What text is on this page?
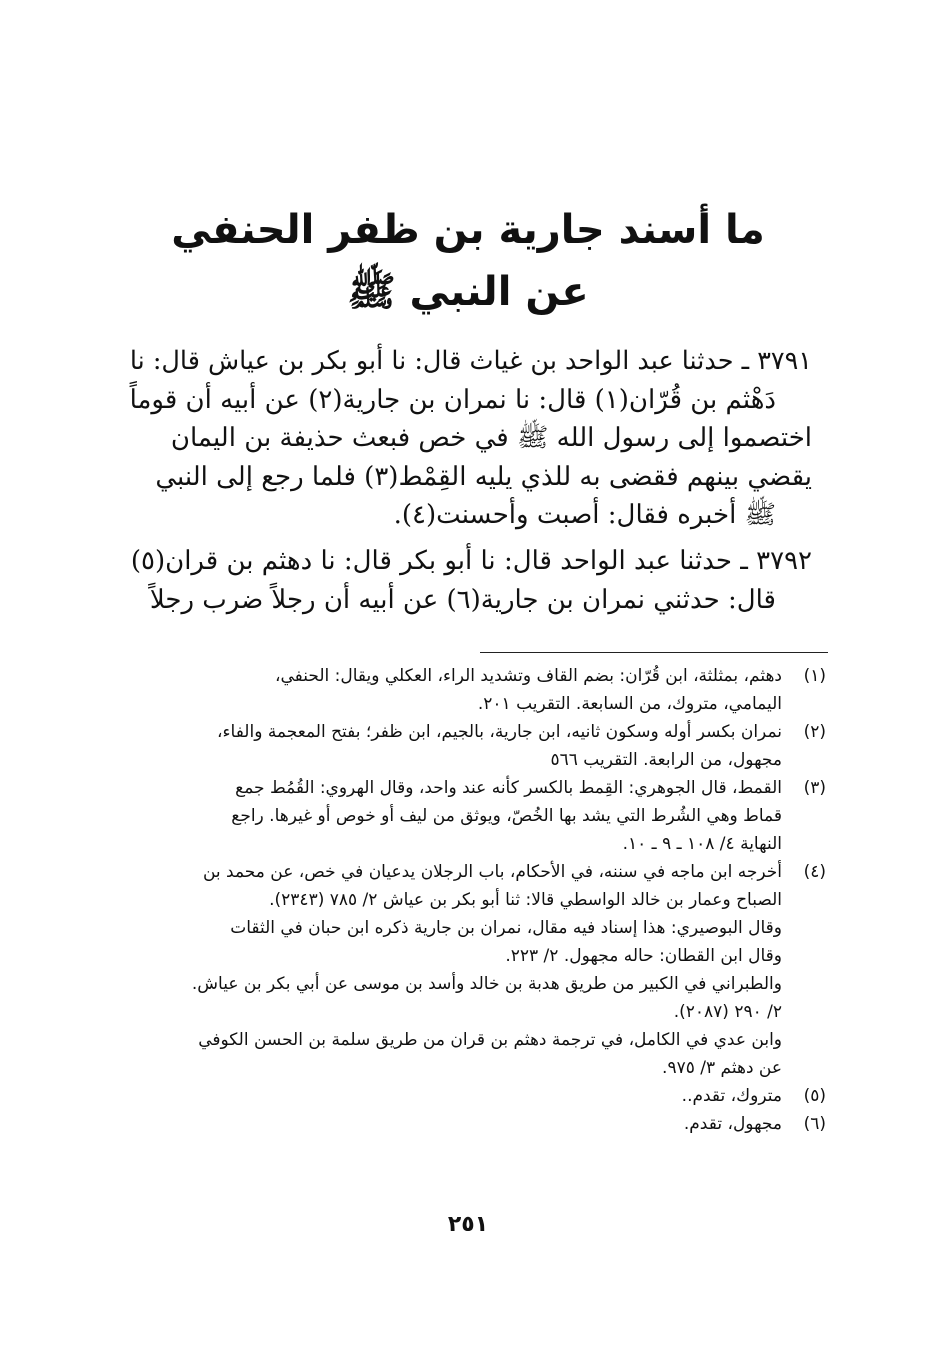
ما أسند جارية بن ظفر الحنفي
عن النبي ﷺ
٣٧٩١ ـ حدثنا عبد الواحد بن غياث قال: نا أبو بكر بن عياش قال: نا
دَهْثم بن قُرّان(١) قال: نا نمران بن جارية(٢) عن أبيه أن قوماً
اختصموا إلى رسول الله ﷺ في خص فبعث حذيفة بن اليمان
يقضي بينهم فقضى به للذي يليه القِمْط(٣) فلما رجع إلى النبي
ﷺ أخبره فقال: أصبت وأحسنت(٤).
٣٧٩٢ ـ حدثنا عبد الواحد قال: نا أبو بكر قال: نا دهثم بن قران(٥)
قال: حدثني نمران بن جارية(٦) عن أبيه أن رجلاً ضرب رجلاً
(١)
دهثم، بمثلثة، ابن قُرّان: بضم القاف وتشديد الراء، العكلي ويقال: الحنفي،
اليمامي، متروك، من السابعة. التقريب ٢٠١.
(٢)
نمران بكسر أوله وسكون ثانيه، ابن جارية، بالجيم، ابن ظفر؛ بفتح المعجمة والفاء،
مجهول، من الرابعة. التقريب ٥٦٦
(٣)
القمط، قال الجوهري: القِمط بالكسر كأنه عند واحد، وقال الهروي: القُمُط جمع
قماط وهي الشُرط التي يشد بها الخُصّ، ويوثق من ليف أو خوص أو غيرها. راجع
النهاية ٤/ ١٠٨ ـ ٩ ـ ١٠.
(٤)
أخرجه ابن ماجه في سننه، في الأحكام، باب الرجلان يدعيان في خص، عن محمد بن
الصباح وعمار بن خالد الواسطي قالا: ثنا أبو بكر بن عياش ٢/ ٧٨٥ (٢٣٤٣).
وقال البوصيري: هذا إسناد فيه مقال، نمران بن جارية ذكره ابن حبان في الثقات
وقال ابن القطان: حاله مجهول. ٢/ ٢٢٣.
والطبراني في الكبير من طريق هدبة بن خالد وأسد بن موسى عن أبي بكر بن عياش.
٢/ ٢٩٠ (٢٠٨٧).
وابن عدي في الكامل، في ترجمة دهثم بن قران من طريق سلمة بن الحسن الكوفي
عن دهثم ٣/ ٩٧٥.
(٥)
متروك، تقدم..
(٦)
مجهول، تقدم.
٢٥١
